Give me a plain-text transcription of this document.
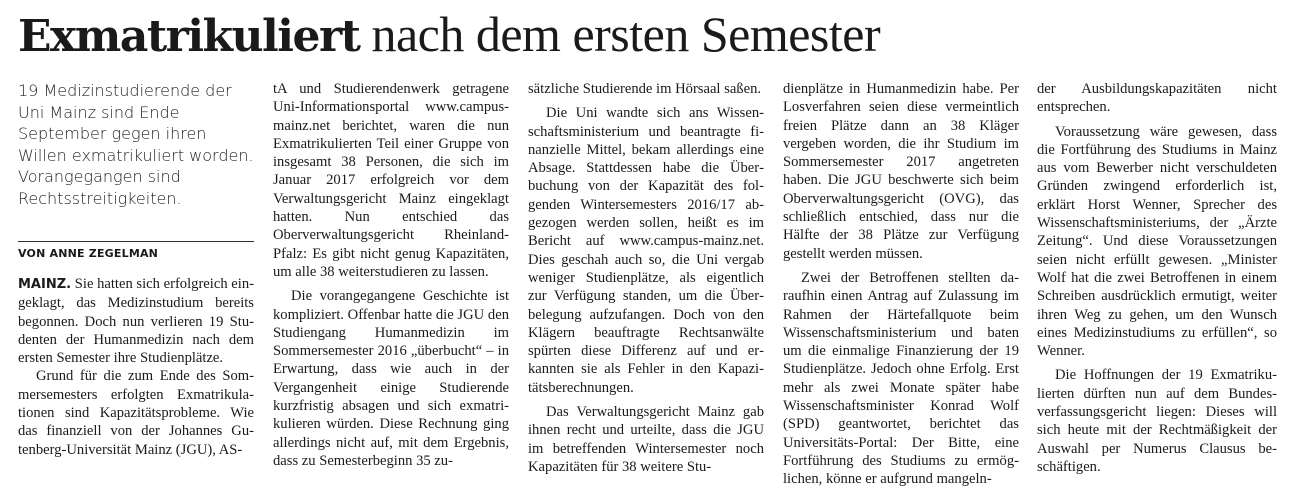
Exmatrikuliert nach dem ersten Semester

19 Medizinstudierende der Uni Mainz sind Ende September gegen ihren Willen exmatrikuliert worden. Vorangegangen sind Rechtsstreitigkeiten.

VON ANNE ZEGELMAN

MAINZ. Sie hatten sich erfolgreich eingeklagt, das Medizinstudium bereits begonnen. Doch nun verlieren 19 Studenten der Humanmedizin nach dem ersten Semester ihre Studienplätze.

Grund für die zum Ende des Sommersemesters erfolgten Exmatrikulationen sind Kapazitätsprobleme. Wie das finanziell von der Johannes Gutenberg-Universität Mainz (JGU), AS-

tA und Studierendenwerk getragene Uni-Informationsportal www.campus-mainz.net berichtet, waren die nun Exmatrikulierten Teil einer Gruppe von insgesamt 38 Personen, die sich im Januar 2017 erfolgreich vor dem Verwaltungsgericht Mainz eingeklagt hatten. Nun entschied das Oberverwaltungsgericht Rheinland-Pfalz: Es gibt nicht genug Kapazitäten, um alle 38 weiterstudieren zu lassen.

Die vorangegangene Geschichte ist kompliziert. Offenbar hatte die JGU den Studiengang Humanmedizin im Sommersemester 2016 „überbucht“ – in Erwartung, dass wie auch in der Vergangenheit einige Studierende kurzfristig absagen und sich exmatrikulieren würden. Diese Rechnung ging allerdings nicht auf, mit dem Ergebnis, dass zu Semesterbeginn 35 zu-

sätzliche Studierende im Hörsaal saßen.

Die Uni wandte sich ans Wissenschaftsministerium und beantragte finanzielle Mittel, bekam allerdings eine Absage. Stattdessen habe die Überbuchung von der Kapazität des folgenden Wintersemesters 2016/17 abgezogen werden sollen, heißt es im Bericht auf www.campus-mainz.net. Dies geschah auch so, die Uni vergab weniger Studienplätze, als eigentlich zur Verfügung standen, um die Überbelegung aufzufangen. Doch von den Klägern beauftragte Rechtsanwälte spürten diese Differenz auf und erkannten sie als Fehler in den Kapazitätsberechnungen.

Das Verwaltungsgericht Mainz gab ihnen recht und urteilte, dass die JGU im betreffenden Wintersemester noch Kapazitäten für 38 weitere Stu-

dienplätze in Humanmedizin habe. Per Losverfahren seien diese vermeintlich freien Plätze dann an 38 Kläger vergeben worden, die ihr Studium im Sommersemester 2017 angetreten haben. Die JGU beschwerte sich beim Oberverwaltungsgericht (OVG), das schließlich entschied, dass nur die Hälfte der 38 Plätze zur Verfügung gestellt werden müssen.

Zwei der Betroffenen stellten daraufhin einen Antrag auf Zulassung im Rahmen der Härtefallquote beim Wissenschaftsministerium und baten um die einmalige Finanzierung der 19 Studienplätze. Jedoch ohne Erfolg. Erst mehr als zwei Monate später habe Wissenschaftsminister Konrad Wolf (SPD) geantwortet, berichtet das Universitäts-Portal: Der Bitte, eine Fortführung des Studiums zu ermöglichen, könne er aufgrund mangeln-

der Ausbildungskapazitäten nicht entsprechen.

Voraussetzung wäre gewesen, dass die Fortführung des Studiums in Mainz aus vom Bewerber nicht verschuldeten Gründen zwingend erforderlich ist, erklärt Horst Wenner, Sprecher des Wissenschaftsministeriums, der „Ärzte Zeitung“. Und diese Voraussetzungen seien nicht erfüllt gewesen. „Minister Wolf hat die zwei Betroffenen in einem Schreiben ausdrücklich ermutigt, weiter ihren Weg zu gehen, um den Wunsch eines Medizinstudiums zu erfüllen“, so Wenner.

Die Hoffnungen der 19 Exmatrikulierten dürften nun auf dem Bundesverfassungsgericht liegen: Dieses will sich heute mit der Rechtmäßigkeit der Auswahl per Numerus Clausus beschäftigen.
